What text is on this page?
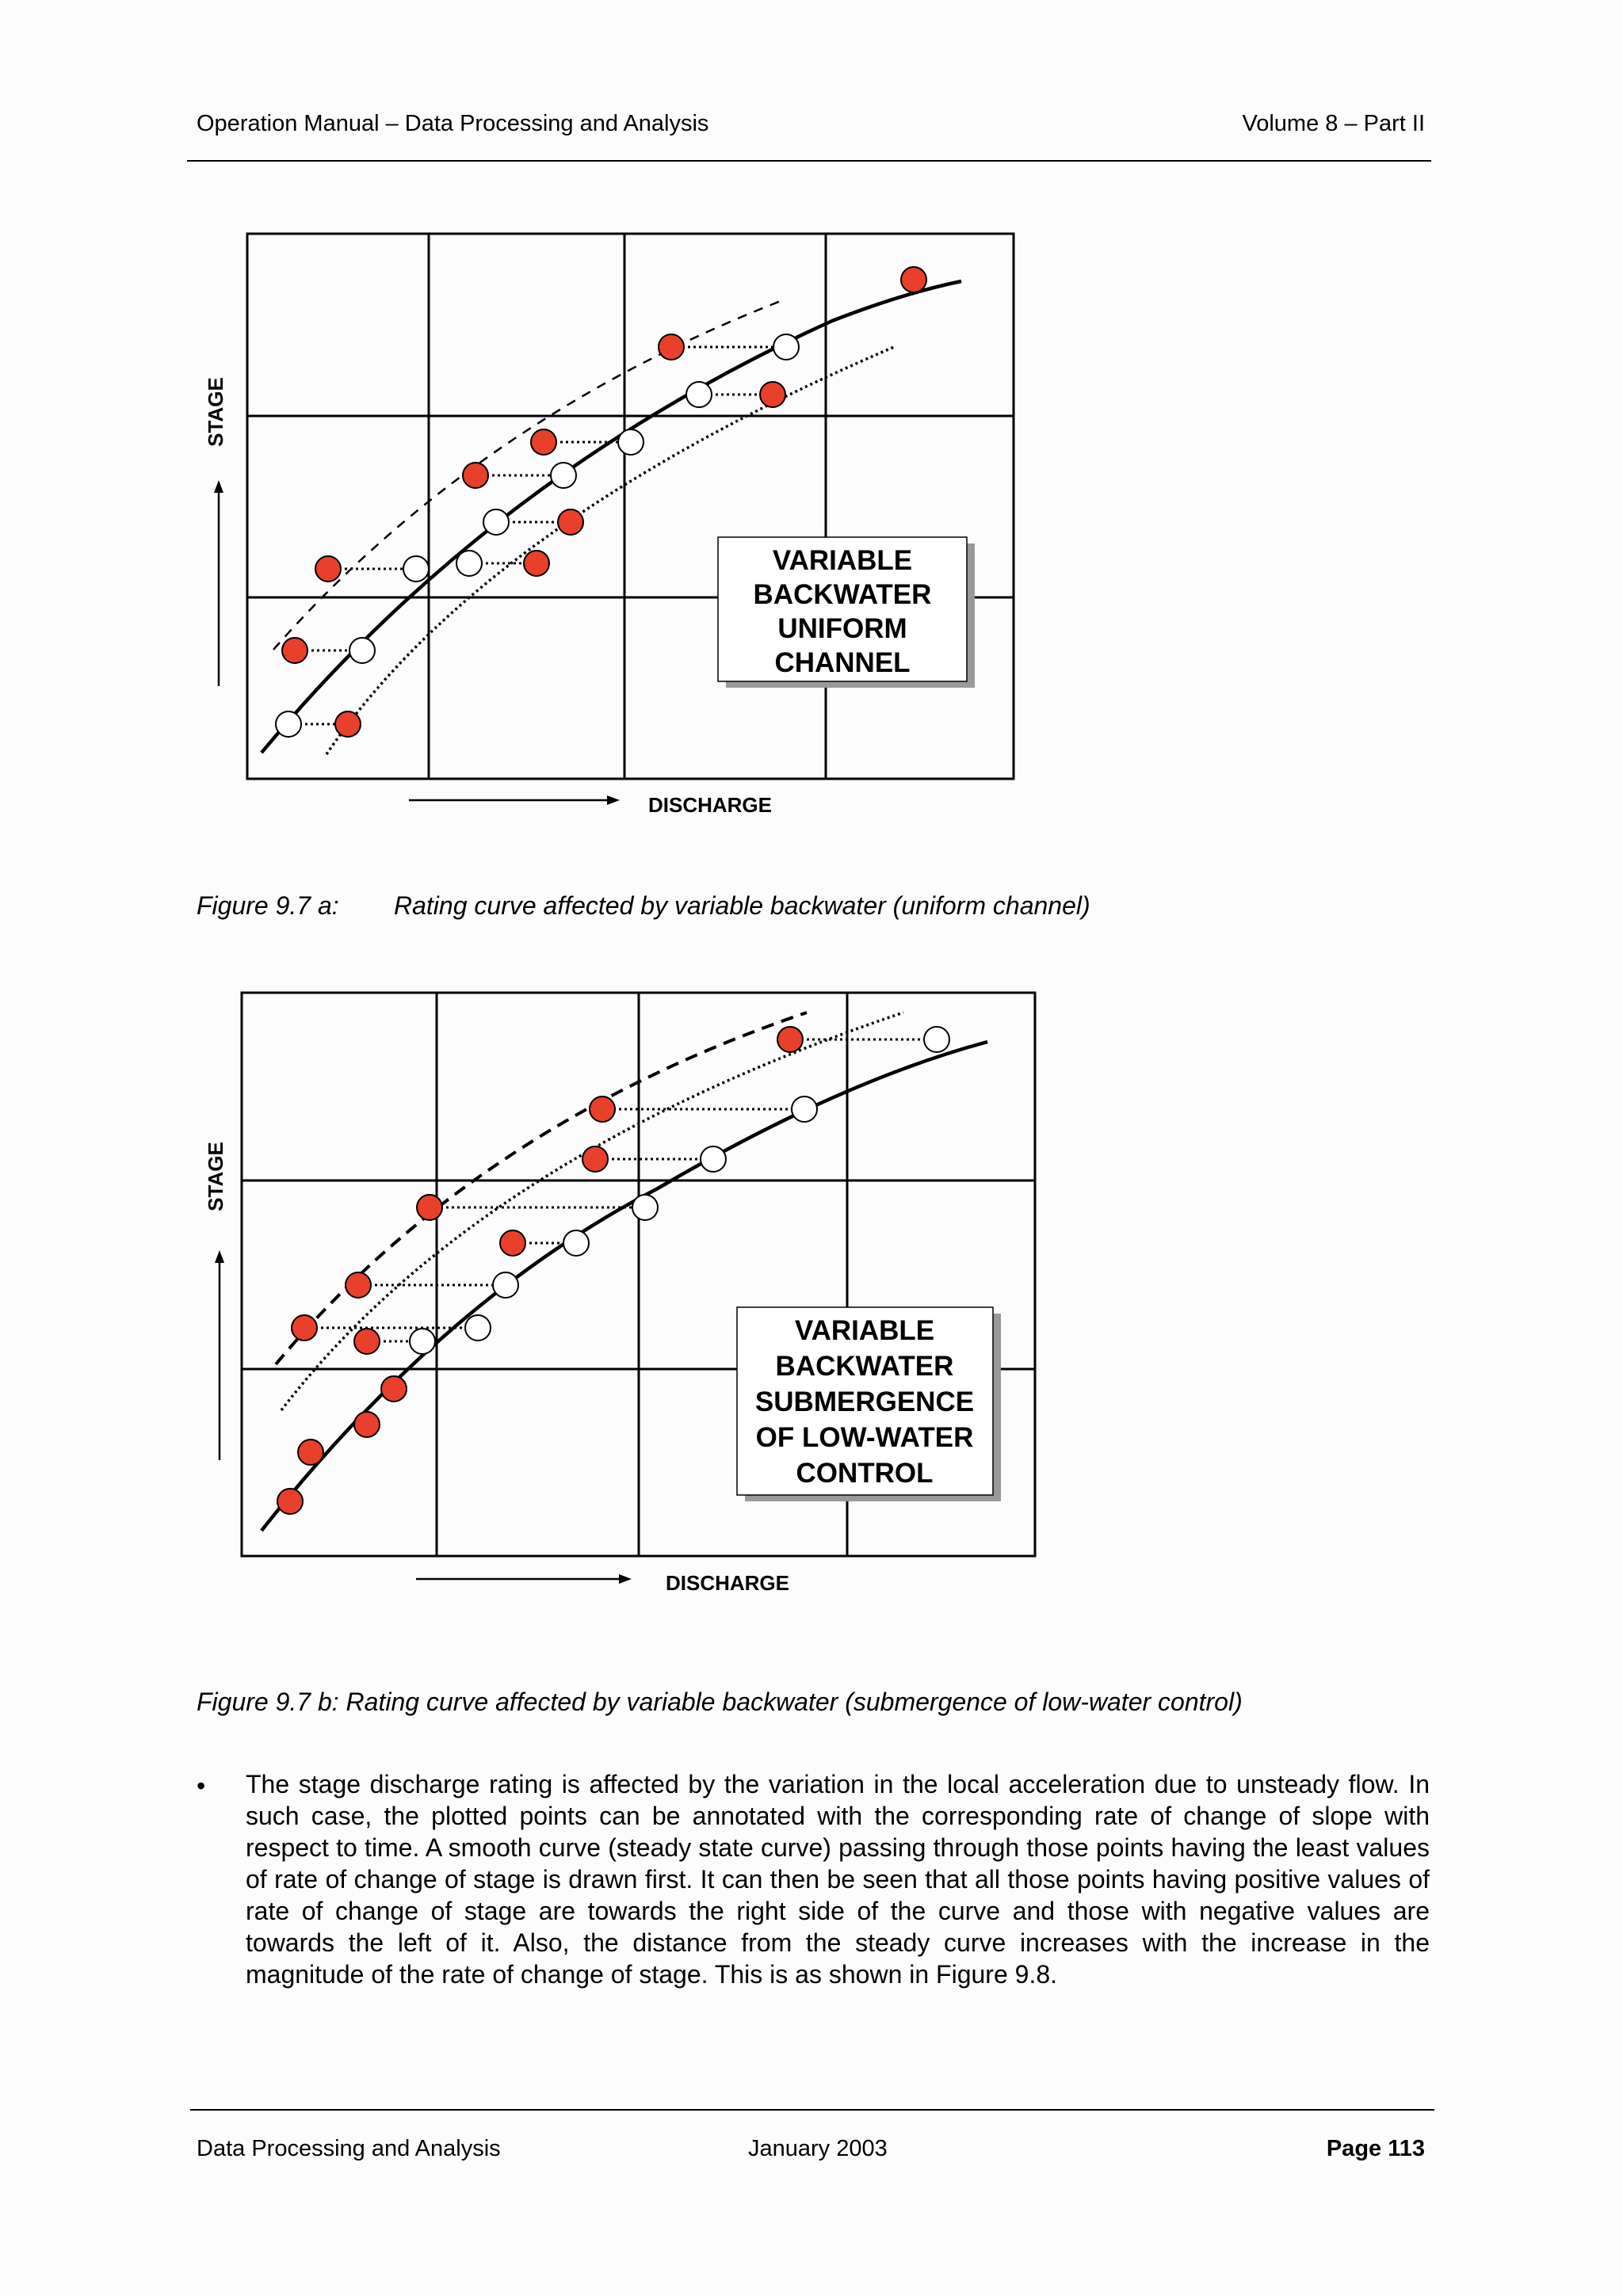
Operation Manual – Data Processing and Analysis	Volume 8 – Part II
VARIABLE
BACKWATER
UNIFORM
CHANNEL
DISCHARGE
STAGE
Figure 9.7 a: Rating curve affected by variable backwater (uniform channel)
VARIABLE
BACKWATER
SUBMERGENCE
OF LOW-WATER
CONTROL
DISCHARGE
STAGE
Figure 9.7 b: Rating curve affected by variable backwater (submergence of low-water control)
• The stage discharge rating is affected by the variation in the local acceleration due to unsteady flow. In such case, the plotted points can be annotated with the corresponding rate of change of slope with respect to time. A smooth curve (steady state curve) passing through those points having the least values of rate of change of stage is drawn first. It can then be seen that all those points having positive values of rate of change of stage are towards the right side of the curve and those with negative values are towards the left of it. Also, the distance from the steady curve increases with the increase in the magnitude of the rate of change of stage. This is as shown in Figure 9.8.
Data Processing and Analysis	January 2003	Page 113
